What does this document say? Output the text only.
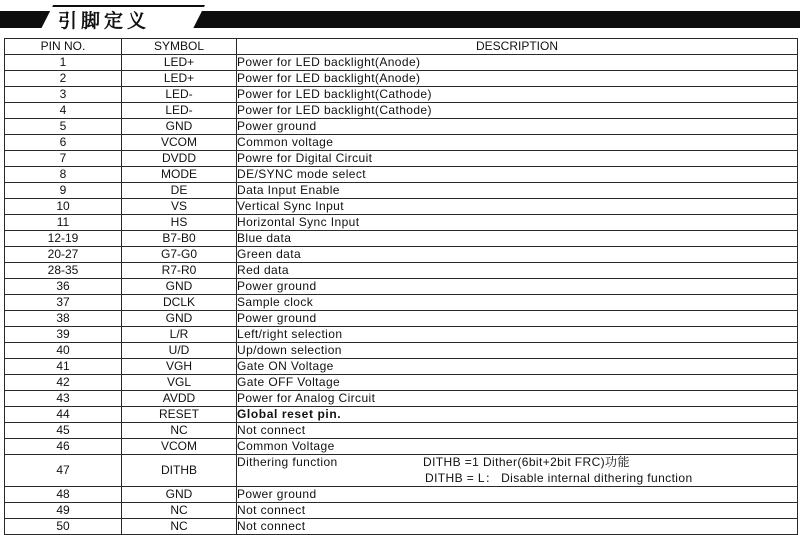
引脚定义
PIN NO.	SYMBOL	DESCRIPTION
1	LED+	Power for LED backlight(Anode)
2	LED+	Power for LED backlight(Anode)
3	LED-	Power for LED backlight(Cathode)
4	LED-	Power for LED backlight(Cathode)
5	GND	Power ground
6	VCOM	Common voltage
7	DVDD	Powre for Digital Circuit
8	MODE	DE/SYNC mode select
9	DE	Data Input Enable
10	VS	Vertical Sync Input
11	HS	Horizontal Sync Input
12-19	B7-B0	Blue data
20-27	G7-G0	Green data
28-35	R7-R0	Red data
36	GND	Power ground
37	DCLK	Sample clock
38	GND	Power ground
39	L/R	Left/right selection
40	U/D	Up/down selection
41	VGH	Gate ON Voltage
42	VGL	Gate OFF Voltage
43	AVDD	Power for Analog Circuit
44	RESET	Global reset pin.
45	NC	Not connect
46	VCOM	Common Voltage
47	DITHB	Dithering function DITHB =1 Dither(6bit+2bit FRC)功能
DITHB = L： Disable internal dithering function

48	GND	Power ground
49	NC	Not connect
50	NC	Not connect
